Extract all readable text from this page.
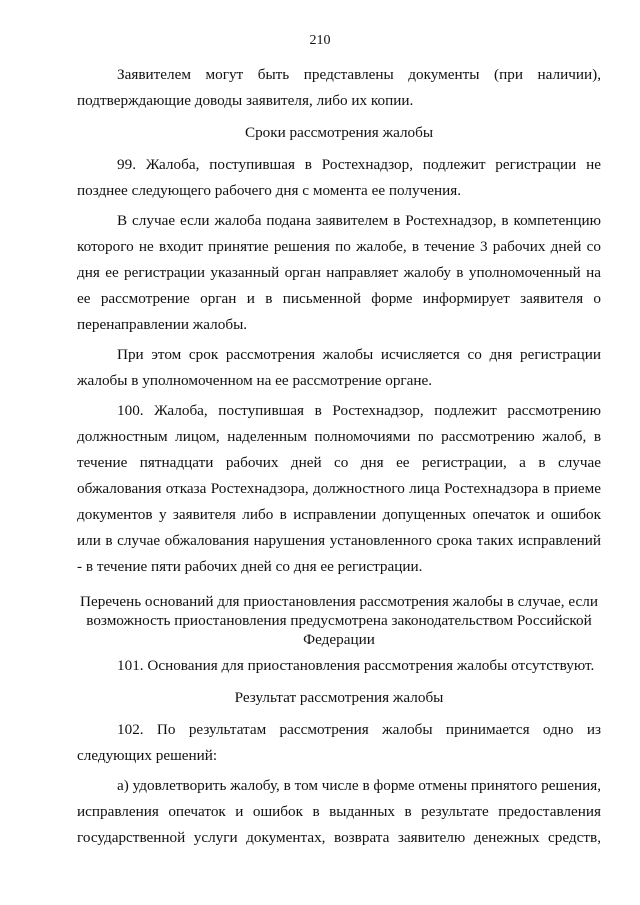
210

Заявителем могут быть представлены документы (при наличии), подтверждающие доводы заявителя, либо их копии.

Сроки рассмотрения жалобы

99. Жалоба, поступившая в Ростехнадзор, подлежит регистрации не позднее следующего рабочего дня с момента ее получения.

В случае если жалоба подана заявителем в Ростехнадзор, в компетенцию которого не входит принятие решения по жалобе, в течение 3 рабочих дней со дня ее регистрации указанный орган направляет жалобу в уполномоченный на ее рассмотрение орган и в письменной форме информирует заявителя о перенаправлении жалобы.

При этом срок рассмотрения жалобы исчисляется со дня регистрации жалобы в уполномоченном на ее рассмотрение органе.

100. Жалоба, поступившая в Ростехнадзор, подлежит рассмотрению должностным лицом, наделенным полномочиями по рассмотрению жалоб, в течение пятнадцати рабочих дней со дня ее регистрации, а в случае обжалования отказа Ростехнадзора, должностного лица Ростехнадзора в приеме документов у заявителя либо в исправлении допущенных опечаток и ошибок или в случае обжалования нарушения установленного срока таких исправлений - в течение пяти рабочих дней со дня ее регистрации.

Перечень оснований для приостановления рассмотрения жалобы в случае, если возможность приостановления предусмотрена законодательством Российской Федерации

101. Основания для приостановления рассмотрения жалобы отсутствуют.

Результат рассмотрения жалобы

102. По результатам рассмотрения жалобы принимается одно из следующих решений:

а) удовлетворить жалобу, в том числе в форме отмены принятого решения, исправления опечаток и ошибок в выданных в результате предоставления государственной услуги документах, возврата заявителю денежных средств,
